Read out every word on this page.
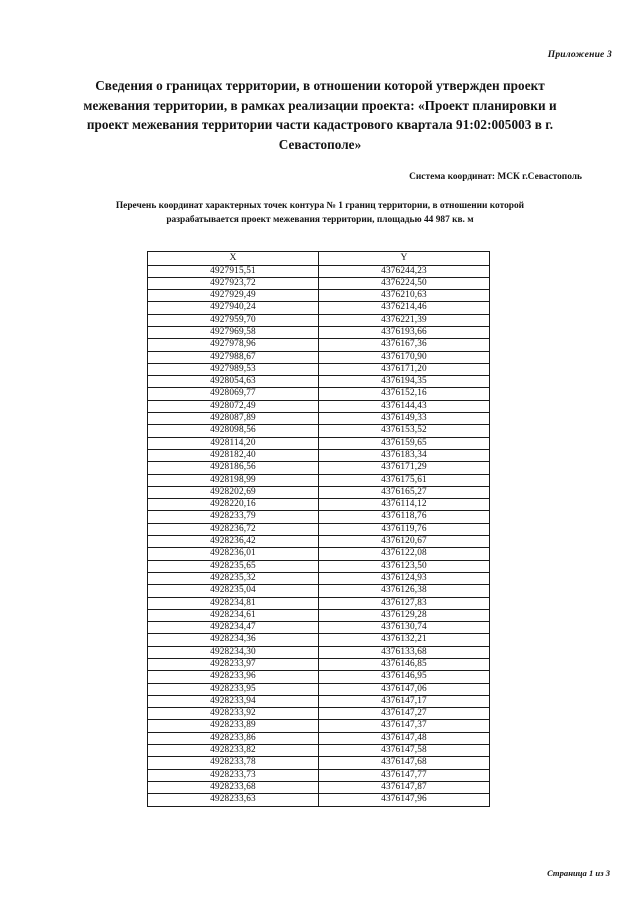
Приложение 3
Сведения о границах территории, в отношении которой утвержден проект межевания территории, в рамках реализации проекта: «Проект планировки и проект межевания территории части кадастрового квартала 91:02:005003 в г. Севастополе»
Система координат: МСК г.Севастополь
Перечень координат характерных точек контура № 1 границ территории, в отношении которой разрабатывается проект межевания территории, площадью 44 987 кв. м
X	Y
4927915,51	4376244,23
4927923,72	4376224,50
4927929,49	4376210,63
4927940,24	4376214,46
4927959,70	4376221,39
4927969,58	4376193,66
4927978,96	4376167,36
4927988,67	4376170,90
4927989,53	4376171,20
4928054,63	4376194,35
4928069,77	4376152,16
4928072,49	4376144,43
4928087,89	4376149,33
4928098,56	4376153,52
4928114,20	4376159,65
4928182,40	4376183,34
4928186,56	4376171,29
4928198,99	4376175,61
4928202,69	4376165,27
4928220,16	4376114,12
4928233,79	4376118,76
4928236,72	4376119,76
4928236,42	4376120,67
4928236,01	4376122,08
4928235,65	4376123,50
4928235,32	4376124,93
4928235,04	4376126,38
4928234,81	4376127,83
4928234,61	4376129,28
4928234,47	4376130,74
4928234,36	4376132,21
4928234,30	4376133,68
4928233,97	4376146,85
4928233,96	4376146,95
4928233,95	4376147,06
4928233,94	4376147,17
4928233,92	4376147,27
4928233,89	4376147,37
4928233,86	4376147,48
4928233,82	4376147,58
4928233,78	4376147,68
4928233,73	4376147,77
4928233,68	4376147,87
4928233,63	4376147,96
Страница 1 из 3
